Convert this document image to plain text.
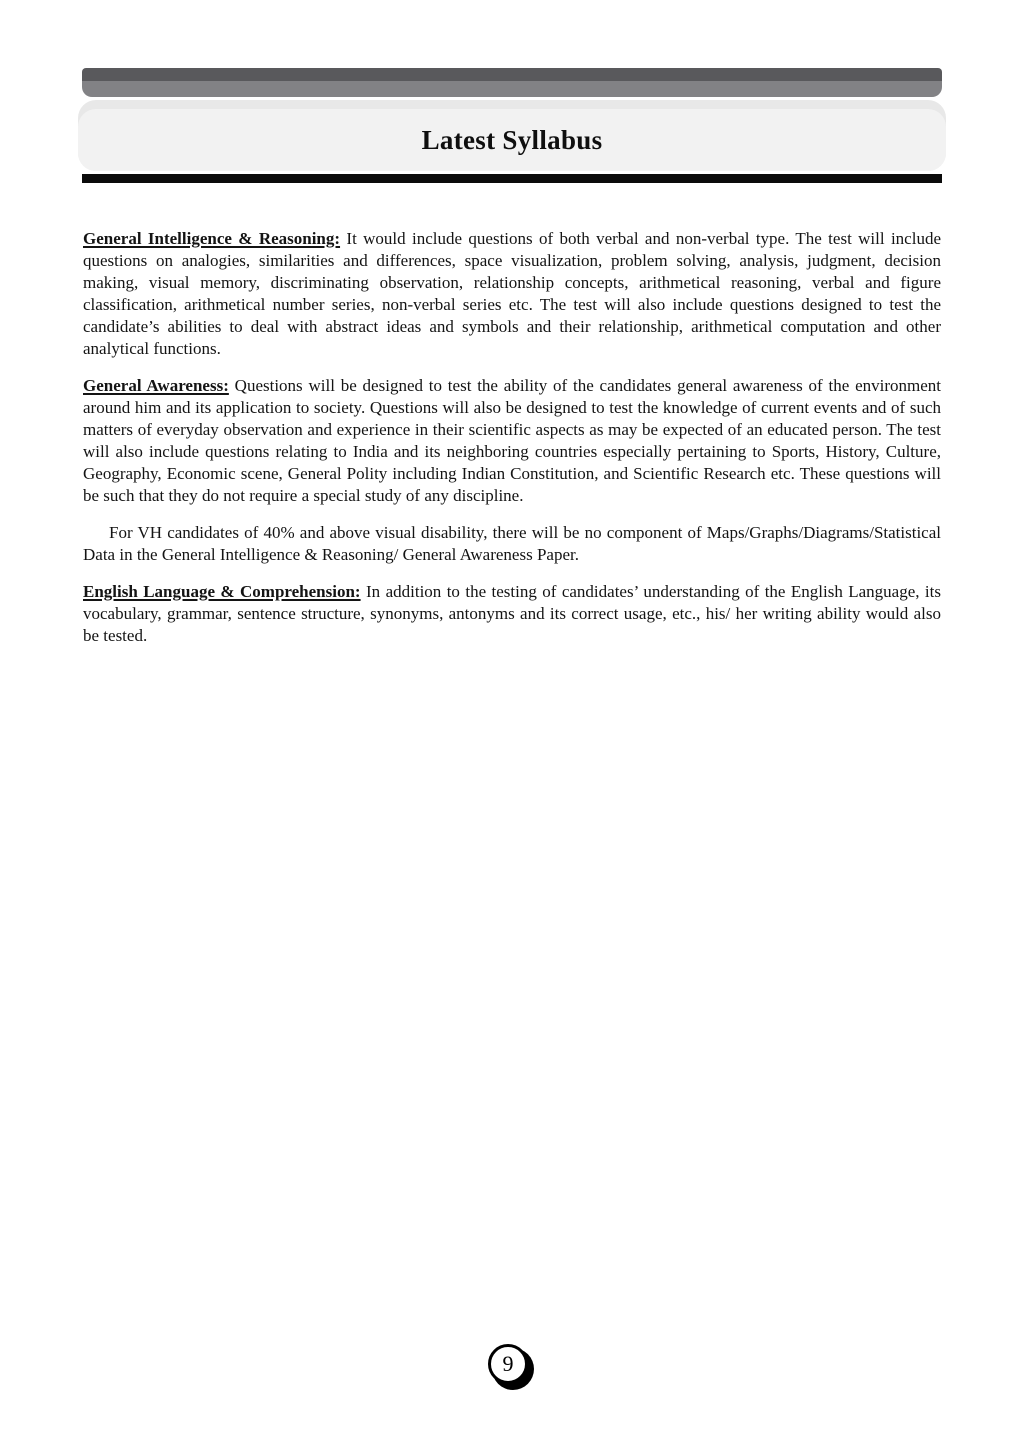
Latest Syllabus

General Intelligence & Reasoning: It would include questions of both verbal and non-verbal type. The test will include questions on analogies, similarities and differences, space visualization, problem solving, analysis, judgment, decision making, visual memory, discriminating observation, relationship concepts, arithmetical reasoning, verbal and figure classification, arithmetical number series, non-verbal series etc. The test will also include questions designed to test the candidate’s abilities to deal with abstract ideas and symbols and their relationship, arithmetical computation and other analytical functions.

General Awareness: Questions will be designed to test the ability of the candidates general awareness of the environment around him and its application to society. Questions will also be designed to test the knowledge of current events and of such matters of everyday observation and experience in their scientific aspects as may be expected of an educated person. The test will also include questions relating to India and its neighboring countries especially pertaining to Sports, History, Culture, Geography, Economic scene, General Polity including Indian Constitution, and Scientific Research etc. These questions will be such that they do not require a special study of any discipline.

For VH candidates of 40% and above visual disability, there will be no component of Maps/Graphs/Diagrams/Statistical Data in the General Intelligence & Reasoning/ General Awareness Paper.

English Language & Comprehension: In addition to the testing of candidates’ understanding of the English Language, its vocabulary, grammar, sentence structure, synonyms, antonyms and its correct usage, etc., his/ her writing ability would also be tested.

9
